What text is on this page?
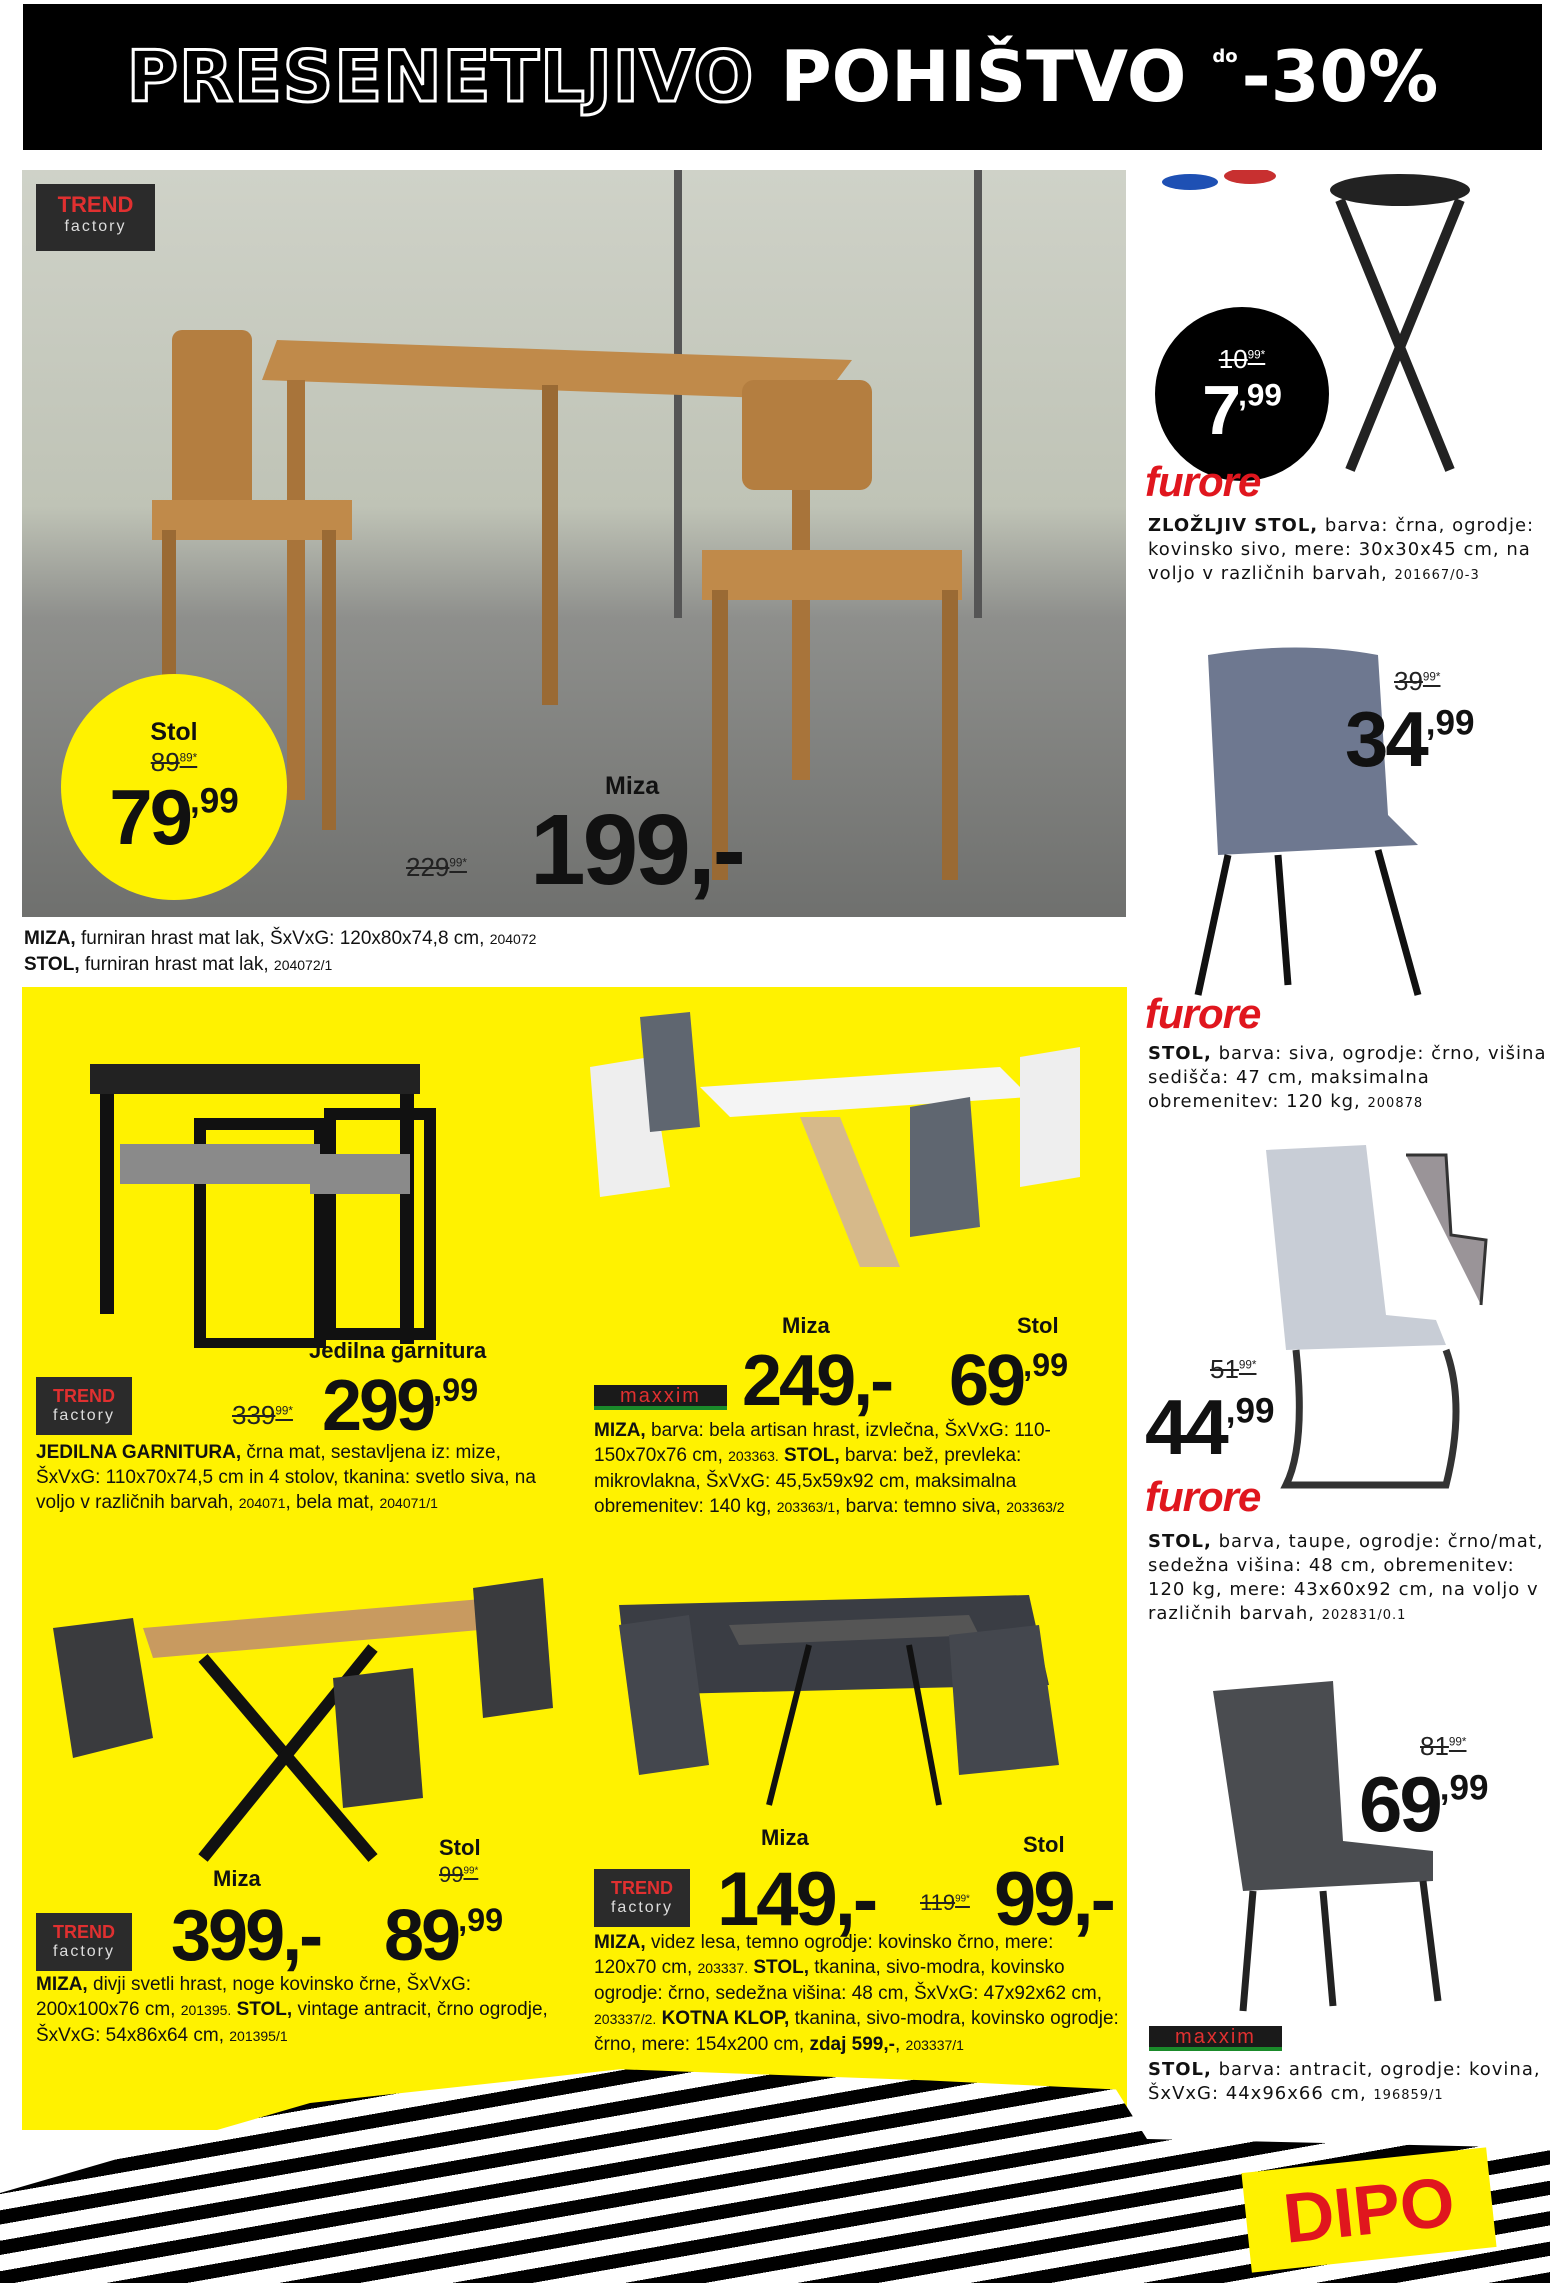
PRESENETLJIVO POHIŠTVO do -30%
TREND
factory
Stol
$89^{89*}$
$79^{,99}$	Miza
$229^{99*}$ 199,-
MIZA, furniran hrast mat lak, ŠxVxG: 120x80x74,8 cm, 204072
STOL, furniran hrast mat lak, 204072/1
$10^{99*}$
$7^{,99}$
furore
ZLOŽLJIV STOL, barva: črna, ogrodje: kovinsko sivo, mere: 30x30x45 cm, na voljo v različnih barvah, 201667/0-3
$39^{99*}$
$34^{,99}$
furore
STOL, barva: siva, ogrodje: črno, višina sedišča: 47 cm, maksimalna obremenitev: 120 kg, 200878
$51^{99*}$
$44^{,99}$
furore
STOL, barva, taupe, ogrodje: črno/mat, sedežna višina: 48 cm, obremenitev: 120 kg, mere: 43x60x92 cm, na voljo v različnih barvah, 202831/0.1
$81^{99*}$
$69^{,99}$
maxxim
STOL, barva: antracit, ogrodje: kovina, ŠxVxG: 44x96x66 cm, 196859/1
Jedilna garnitura
TREND
factory	$339^{99*}$ $299^{,99}$
JEDILNA GARNITURA, črna mat, sestavljena iz: mize, ŠxVxG: 110x70x74,5 cm in 4 stolov, tkanina: svetlo siva, na voljo v različnih barvah, 204071, bela mat, 204071/1
Miza	Stol
maxxim 249,- $69^{,99}$
MIZA, barva: bela artisan hrast, izvlečna, ŠxVxG: 110-150x70x76 cm, 203363. STOL, barva: bež, prevleka: mikrovlakna, ŠxVxG: 45,5x59x92 cm, maksimalna obremenitev: 140 kg, 203363/1, barva: temno siva, 203363/2
Stol
$99^{99*}$
Miza
TREND
factory 399,- $89^{,99}$
MIZA, divji svetli hrast, noge kovinsko črne, ŠxVxG: 200x100x76 cm, 201395. STOL, vintage antracit, črno ogrodje, ŠxVxG: 54x86x64 cm, 201395/1
Miza	Stol
TREND
factory 149,- $119^{99*}$ 99,-
MIZA, videz lesa, temno ogrodje: kovinsko črno, mere: 120x70 cm, 203337. STOL, tkanina, sivo-modra, kovinsko ogrodje: črno, sedežna višina: 48 cm, ŠxVxG: 47x92x62 cm, 203337/2. KOTNA KLOP, tkanina, sivo-modra, kovinsko ogrodje: črno, mere: 154x200 cm, zdaj 599,-, 203337/1
DIPO
